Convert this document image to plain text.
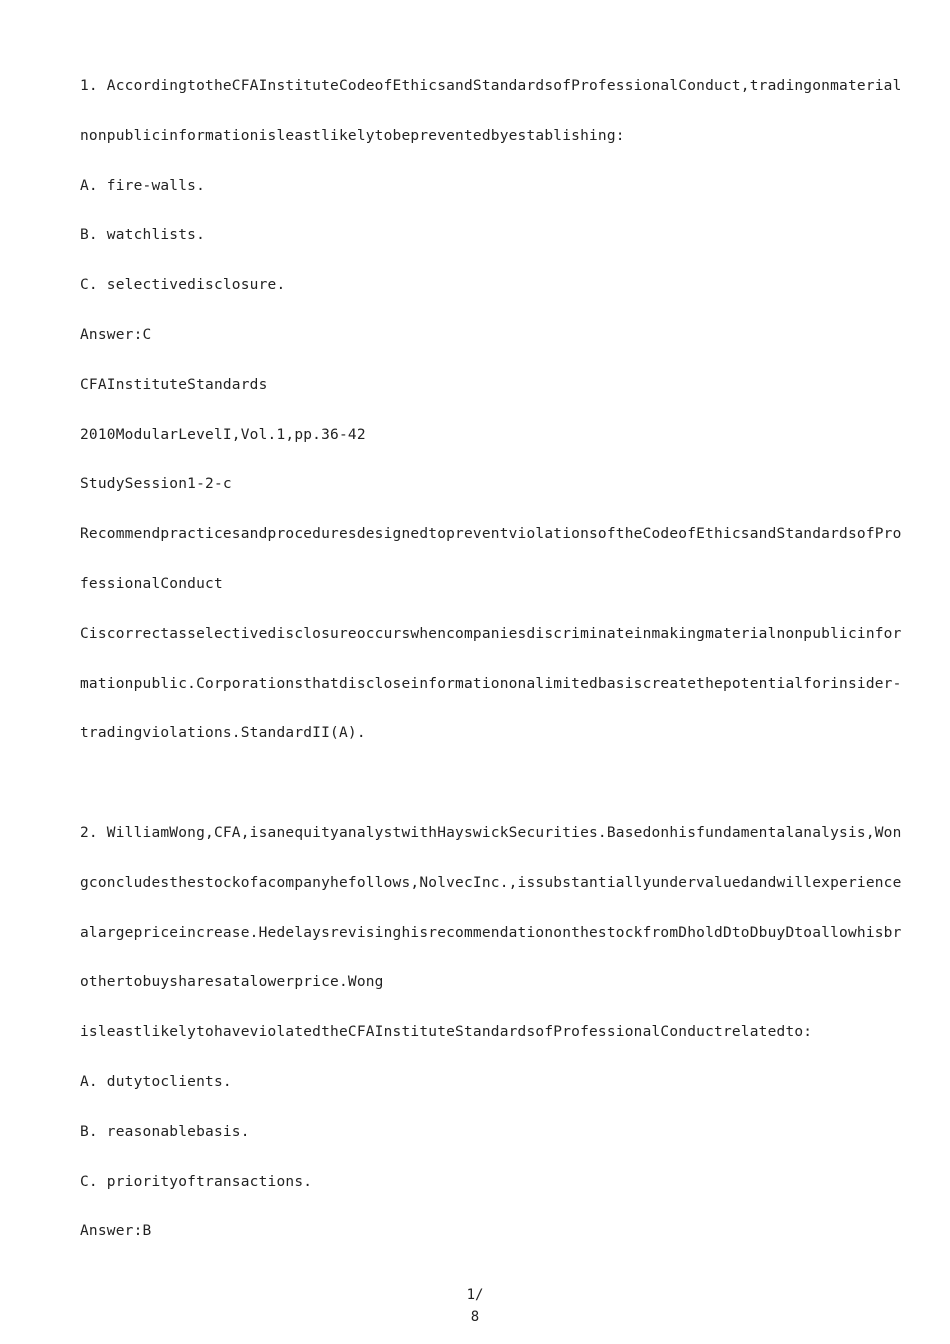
1. AccordingtotheCFAInstituteCodeofEthicsandStandardsofProfessionalConduct,tradingonmaterial
nonpublicinformationisleastlikelytobepreventedbyestablishing:
A. fire-walls.
B. watchlists.
C. selectivedisclosure.
Answer:C
CFAInstituteStandards
2010ModularLevelI,Vol.1,pp.36-42
StudySession1-2-c
RecommendpracticesandproceduresdesignedtopreventviolationsoftheCodeofEthicsandStandardsofPro
fessionalConduct
Ciscorrectasselectivedisclosureoccurswhencompaniesdiscriminateinmakingmaterialnonpublicinfor
mationpublic.Corporationsthatdiscloseinformationonalimitedbasiscreatethepotentialforinsider-
tradingviolations.StandardII(A).
2. WilliamWong,CFA,isanequityanalystwithHayswickSecurities.Basedonhisfundamentalanalysis,Won
gconcludesthestockofacompanyhefollows,NolvecInc.,issubstantiallyundervaluedandwillexperience
alargepriceincrease.HedelaysrevisinghisrecommendationonthestockfromDholdDtoDbuyDtoallowhisbr
othertobuysharesatalowerprice.Wong
isleastlikelytohaveviolatedtheCFAInstituteStandardsofProfessionalConductrelatedto:
A. dutytoclients.
B. reasonablebasis.
C. priorityoftransactions.
Answer:B
1/
8
